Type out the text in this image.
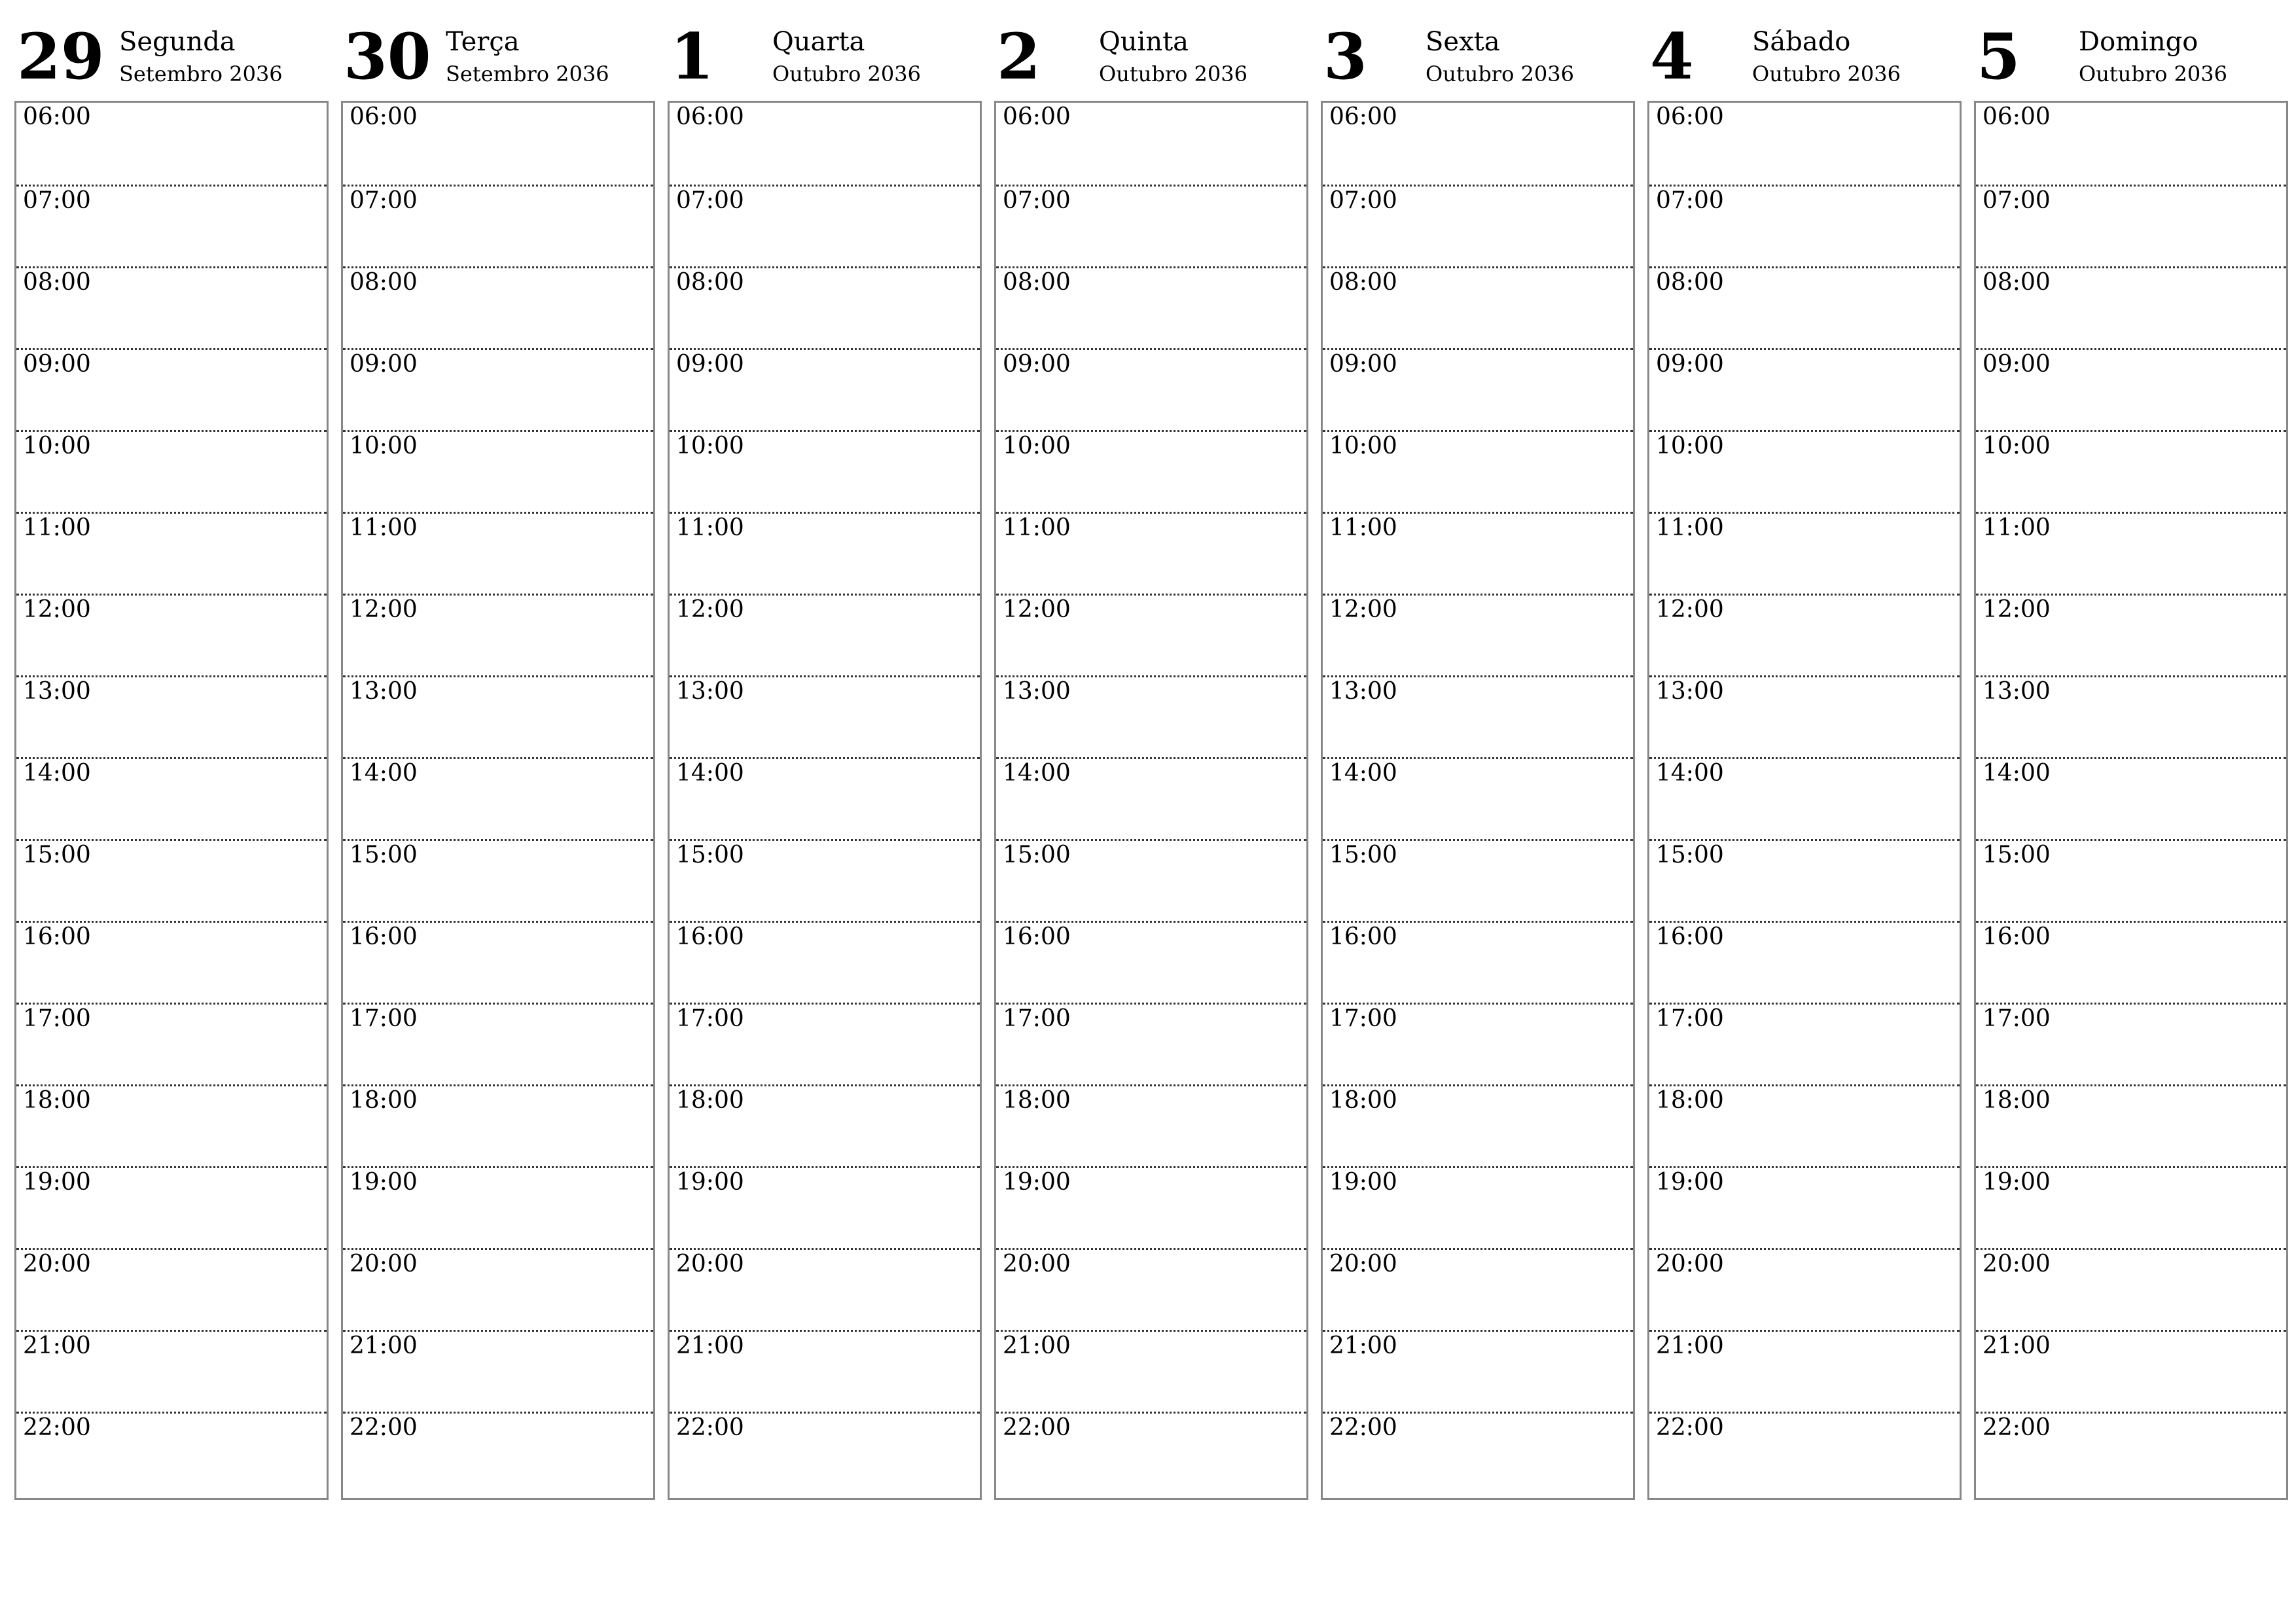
29 Segunda
Setembro 2036
06:00
07:00
08:00
09:00
10:00
11:00
12:00
13:00
14:00
15:00
16:00
17:00
18:00
19:00
20:00
21:00
22:00
30 Terça
Setembro 2036
06:00
07:00
08:00
09:00
10:00
11:00
12:00
13:00
14:00
15:00
16:00
17:00
18:00
19:00
20:00
21:00
22:00
1 Quarta
Outubro 2036
06:00
07:00
08:00
09:00
10:00
11:00
12:00
13:00
14:00
15:00
16:00
17:00
18:00
19:00
20:00
21:00
22:00
2 Quinta
Outubro 2036
06:00
07:00
08:00
09:00
10:00
11:00
12:00
13:00
14:00
15:00
16:00
17:00
18:00
19:00
20:00
21:00
22:00
3 Sexta
Outubro 2036
06:00
07:00
08:00
09:00
10:00
11:00
12:00
13:00
14:00
15:00
16:00
17:00
18:00
19:00
20:00
21:00
22:00
4 Sábado
Outubro 2036
06:00
07:00
08:00
09:00
10:00
11:00
12:00
13:00
14:00
15:00
16:00
17:00
18:00
19:00
20:00
21:00
22:00
5 Domingo
Outubro 2036
06:00
07:00
08:00
09:00
10:00
11:00
12:00
13:00
14:00
15:00
16:00
17:00
18:00
19:00
20:00
21:00
22:00
